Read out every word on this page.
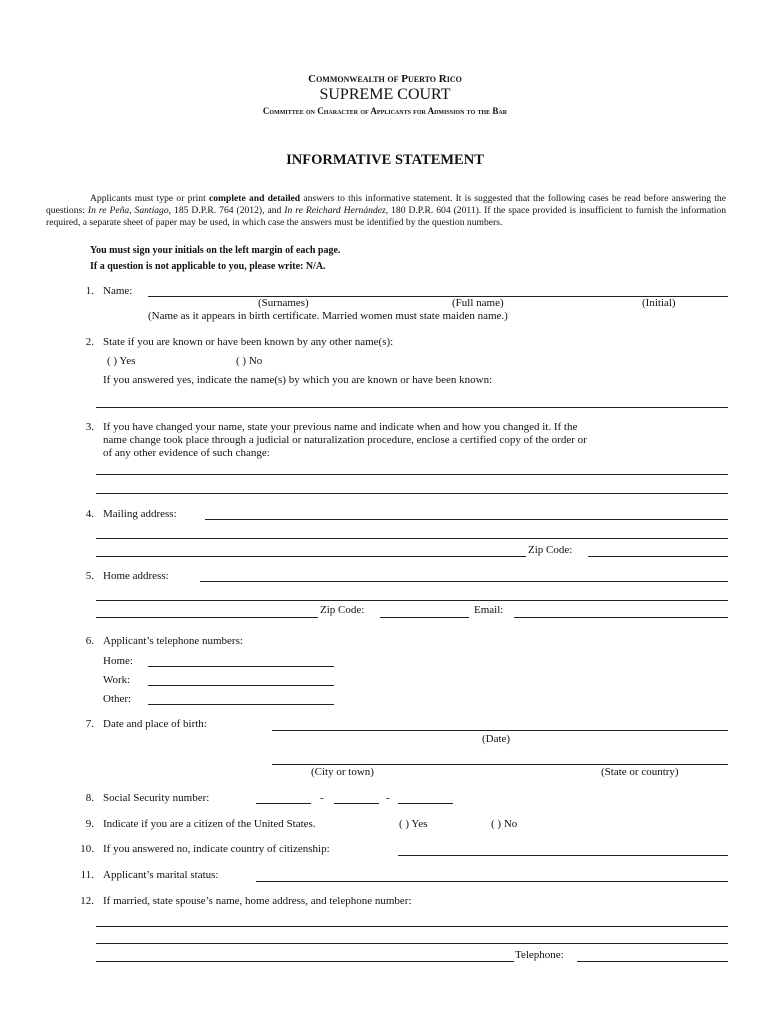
Commonwealth of Puerto Rico
SUPREME COURT
Committee on Character of Applicants for Admission to the Bar
INFORMATIVE STATEMENT

Applicants must type or print complete and detailed answers to this informative statement. It is suggested that the following cases be read before answering the questions: In re Peña, Santiago, 185 D.P.R. 764 (2012), and In re Reichard Hernández, 180 D.P.R. 604 (2011). If the space provided is insufficient to furnish the information required, a separate sheet of paper may be used, in which case the answers must be identified by the question numbers.

You must sign your initials on the left margin of each page.
If a question is not applicable to you, please write: N/A.
1. Name:
(Surnames)	(Full name)	(Initial)
(Name as it appears in birth certificate. Married women must state maiden name.)
2. State if you are known or have been known by any other name(s):
( ) Yes	( ) No
If you answered yes, indicate the name(s) by which you are known or have been known:
3. If you have changed your name, state your previous name and indicate when and how you changed it. If the
name change took place through a judicial or naturalization procedure, enclose a certified copy of the order or
of any other evidence of such change:
4. Mailing address:
Zip Code:
5. Home address:
Zip Code:	Email:
6. Applicant’s telephone numbers:
Home:
Work:
Other:
7. Date and place of birth:
(Date)
(City or town)	(State or country)
8. Social Security number:	-	-
9. Indicate if you are a citizen of the United States.	( ) Yes	( ) No
10. If you answered no, indicate country of citizenship:
11. Applicant’s marital status:
12. If married, state spouse’s name, home address, and telephone number:
Telephone:
